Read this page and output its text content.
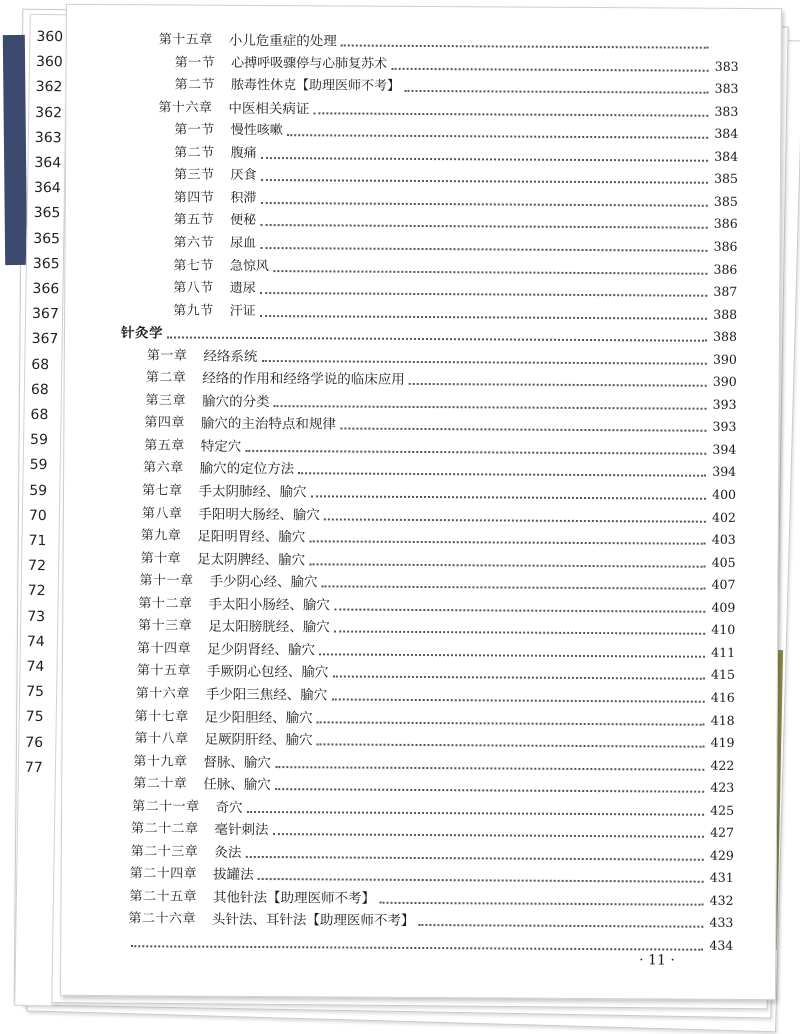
360
360
362
362
363
364
364
365
365
365
366
367
367
68
68
68
59
59
59
70
71
72
72
73
74
74
75
75
76
77
第十五章 小儿危重症的处理
第一节 心搏呼吸骤停与心肺复苏术	383
第二节 脓毒性休克【助理医师不考】	383
第十六章 中医相关病证	383
第一节 慢性咳嗽	384
第二节 腹痛	384
第三节 厌食	385
第四节 积滞	385
第五节 便秘	386
第六节 尿血	386
第七节 急惊风	386
第八节 遗尿	387
第九节 汗证	388
针灸学	388
第一章 经络系统	390
第二章 经络的作用和经络学说的临床应用	390
第三章 腧穴的分类	393
第四章 腧穴的主治特点和规律	393
第五章 特定穴	394
第六章 腧穴的定位方法	394
第七章 手太阴肺经、腧穴	400
第八章 手阳明大肠经、腧穴	402
第九章 足阳明胃经、腧穴	403
第十章 足太阴脾经、腧穴	405
第十一章 手少阴心经、腧穴	407
第十二章 手太阳小肠经、腧穴	409
第十三章 足太阳膀胱经、腧穴	410
第十四章 足少阴肾经、腧穴	411
第十五章 手厥阴心包经、腧穴	415
第十六章 手少阳三焦经、腧穴	416
第十七章 足少阳胆经、腧穴	418
第十八章 足厥阴肝经、腧穴	419
第十九章 督脉、腧穴	422
第二十章 任脉、腧穴	423
第二十一章 奇穴	425
第二十二章 毫针刺法	427
第二十三章 灸法	429
第二十四章 拔罐法	431
第二十五章 其他针法【助理医师不考】	432
第二十六章 头针法、耳针法【助理医师不考】	433
434
· 11 ·
